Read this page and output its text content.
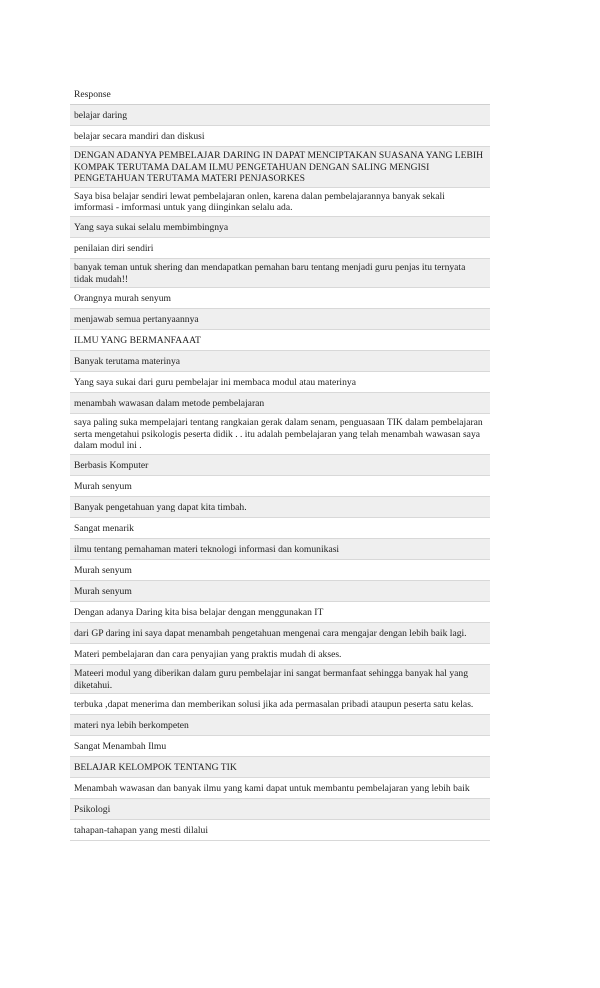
Response
belajar daring
belajar secara mandiri dan diskusi
DENGAN ADANYA PEMBELAJAR DARING IN DAPAT MENCIPTAKAN SUASANA YANG LEBIH KOMPAK TERUTAMA DALAM ILMU PENGETAHUAN DENGAN SALING MENGISI PENGETAHUAN TERUTAMA MATERI PENJASORKES
Saya bisa belajar sendiri lewat pembelajaran onlen, karena dalan pembelajarannya banyak sekali imformasi - imformasi untuk yang diinginkan selalu ada.
Yang saya sukai selalu membimbingnya
penilaian diri sendiri
banyak teman untuk shering dan mendapatkan pemahan baru tentang menjadi guru penjas itu ternyata tidak mudah!!
Orangnya murah senyum
menjawab semua pertanyaannya
ILMU YANG BERMANFAAAT
Banyak terutama materinya
Yang saya sukai dari guru pembelajar ini membaca modul atau materinya
menambah wawasan dalam metode pembelajaran
saya paling suka mempelajari tentang rangkaian gerak dalam senam, penguasaan TIK dalam pembelajaran serta mengetahui psikologis peserta didik . . itu adalah pembelajaran yang telah menambah wawasan saya dalam modul ini .
Berbasis Komputer
Murah senyum
Banyak pengetahuan yang dapat kita timbah.
Sangat menarik
ilmu tentang pemahaman materi teknologi informasi dan komunikasi
Murah senyum
Murah senyum
Dengan adanya Daring kita bisa belajar dengan menggunakan IT
dari GP daring ini saya dapat menambah pengetahuan mengenai cara mengajar dengan lebih baik lagi.
Materi pembelajaran dan cara penyajian yang praktis mudah di akses.
Mateeri modul yang diberikan dalam guru pembelajar ini sangat bermanfaat sehingga banyak hal yang diketahui.
terbuka ,dapat menerima dan memberikan solusi jika ada permasalan pribadi ataupun peserta satu kelas.
materi nya lebih berkompeten
Sangat Menambah Ilmu
BELAJAR KELOMPOK TENTANG TIK
Menambah wawasan dan banyak ilmu yang kami dapat untuk membantu pembelajaran yang lebih baik
Psikologi
tahapan-tahapan yang mesti dilalui
